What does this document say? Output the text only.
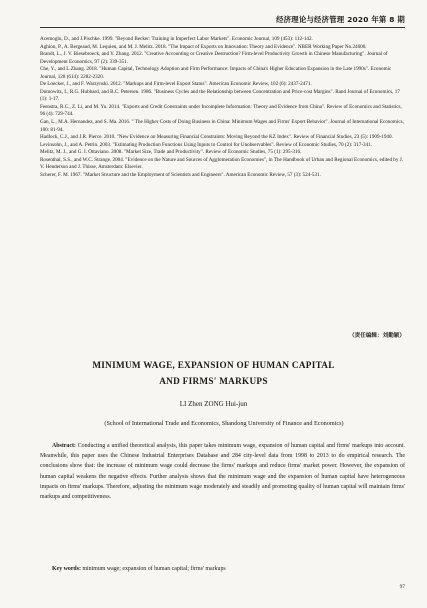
经济理论与经济管理 2020 年第 8 期

Acemoglu, D., and J.Pischke. 1999. "Beyond Becker: Training in Imperfect Labor Markets". Economic Journal, 109 (453): 112-142.

Aghion, P., A. Bergeaud, M. Lequien, and M. J. Melitz. 2018. "The Impact of Exports on Innovation: Theory and Evidence". NBER Working Paper No.24600.

Brandt, L., J. V. Biesebroeck, and Y. Zhang. 2012. "Creative Accounting or Creative Destruction? Firm-level Productivity Growth in Chinese Manufacturing". Journal of Development Economics, 97 (2): 339-351.

Che, Y., and L.Zhang. 2018. "Human Capital, Technology Adoption and Firm Performance: Impacts of China's Higher Education Expansion in the Late 1990s". Economic Journal, 128 (614): 2282-2320.

De Loecker, J., and F. Warzynski. 2012. "Markups and Firm-level Export Status". American Economic Review, 102 (6): 2437-2471.

Domowitz, I., R.G. Hubbard, and B.C. Petersen. 1986. "Business Cycles and the Relationship between Concentration and Price-cost Margins". Rand Journal of Economics, 17 (1): 1-17.

Feenstra, R.C., Z. Li, and M. Yu. 2014. "Exports and Credit Constraints under Incomplete Information: Theory and Evidence from China". Review of Economics and Statistics, 96 (4): 729-744.

Gan, L., M.A. Hernandez, and S. Ma. 2016. " The Higher Costs of Doing Business in China: Minimum Wages and Firms' Export Behavior". Journal of International Economics, 100: 81-94.

Hadlock, C.J., and J.R. Pierce. 2010. "New Evidence on Measuring Financial Constraints: Moving Beyond the KZ Index". Review of Financial Studies, 23 (5): 1909-1940.

Levinsohn, J., and A. Petrin. 2003. "Estimating Production Functions Using Inputs to Control for Unobservables". Review of Economic Studies, 70 (2): 317-341.

Melitz, M. J., and G. I. Ottaviano. 2008. "Market Size, Trade and Productivity". Review of Economic Studies, 75 (1): 295-316.

Rosenthal, S.S., and W.C. Strange. 2004. "Evidence on the Nature and Sources of Agglomeration Economies", in The Handbook of Urban and Regional Economics, edited by J. V. Henderson and J. Thisse, Amsterdam: Elsevier.

Scherer, F. M. 1967. "Market Structure and the Employment of Scientists and Engineers". American Economic Review, 57 (3): 524-531.

（责任编辑：刘勤颖）
MINIMUM WAGE, EXPANSION OF HUMAN CAPITAL
AND FIRMS' MARKUPS
LI Zhen ZONG Hui-jun
(School of International Trade and Economics, Shandong University of Finance and Economics)
Abstract: Conducting a unified theoretical analysis, this paper takes minimum wage, expansion of human capital and firms' markups into account. Meanwhile, this paper uses the Chinese Industrial Enterprises Database and 284 city-level data from 1998 to 2013 to do empirical research. The conclusions show that: the increase of minimum wage could decrease the firms' markups and reduce firms' market power. However, the expansion of human capital weakens the negative effects. Further analysis shows that the minimum wage and the expansion of human capital have heterogeneous impacts on firms' markups. Therefore, adjusting the minimum wage moderately and steadily and promoting quality of human capital will maintain firms' markups and competitiveness.
Key words: minimum wage; expansion of human capital; firms' markups
97
